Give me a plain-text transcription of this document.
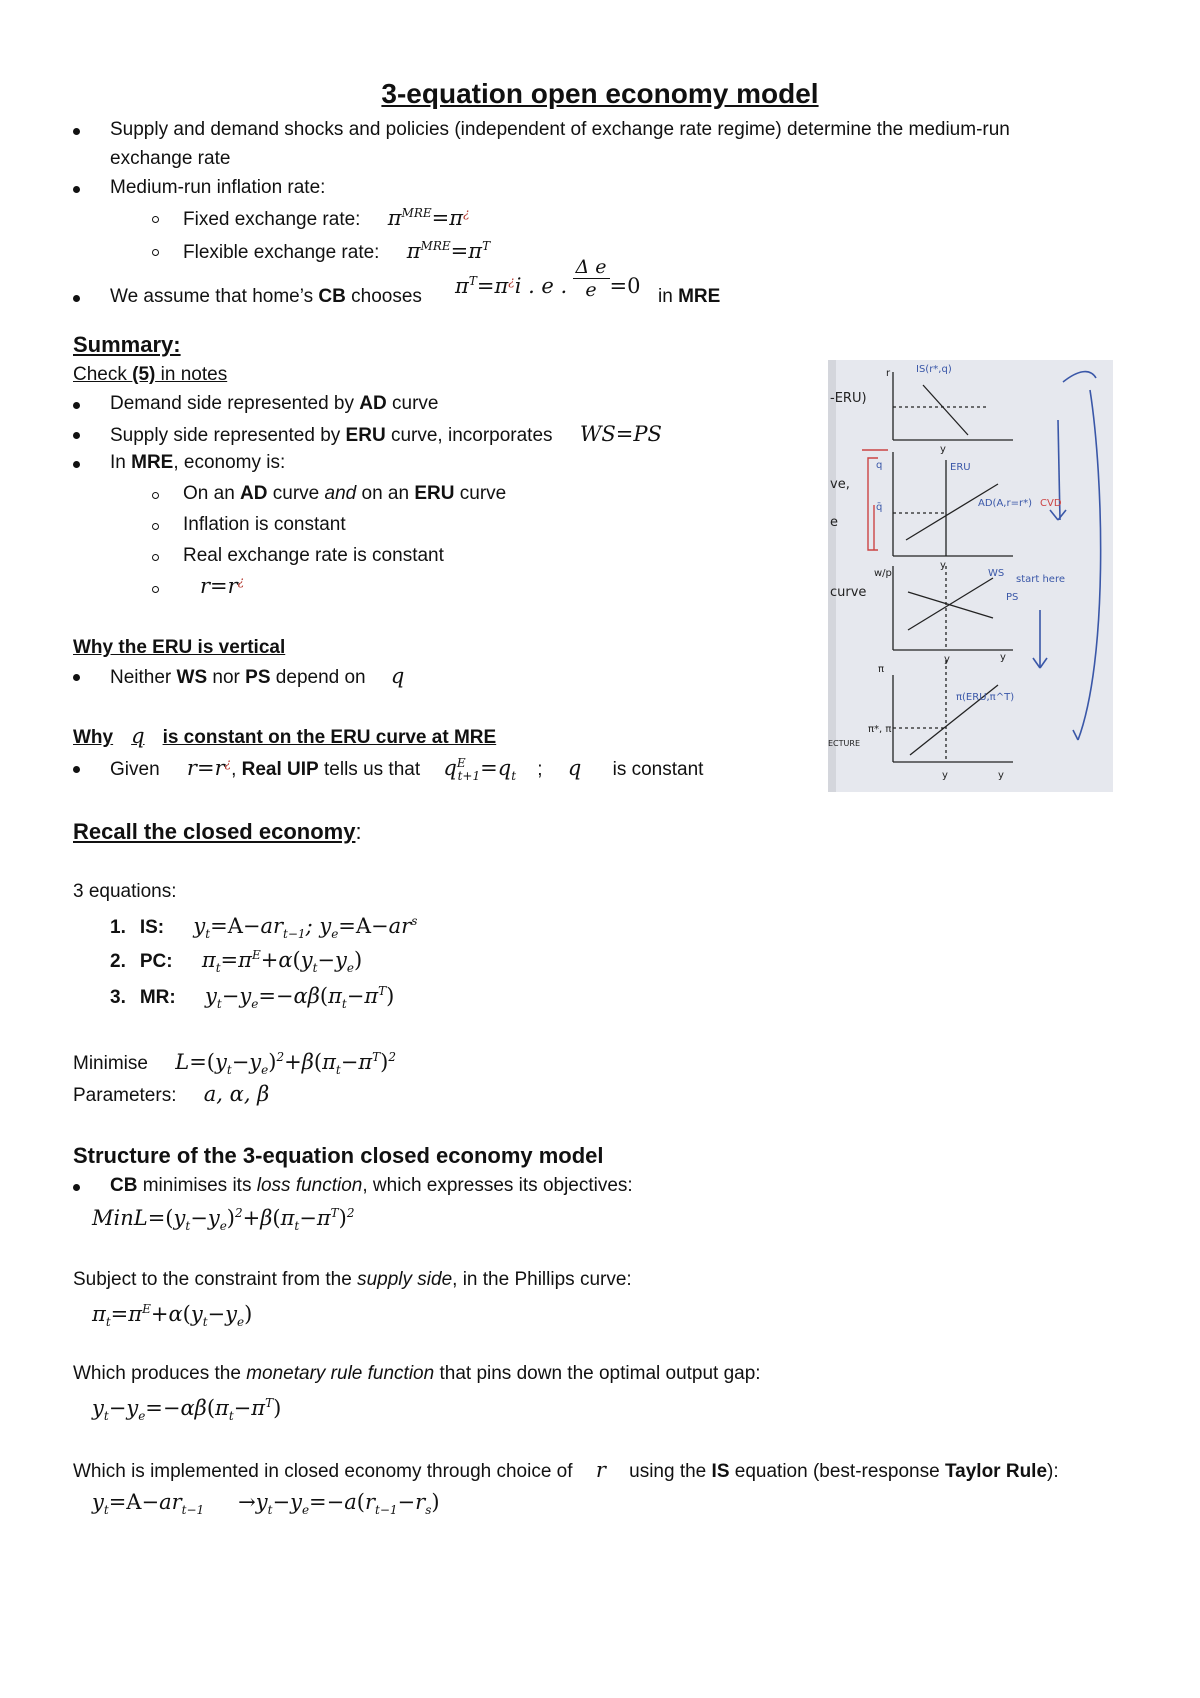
3-equation open economy model
Supply and demand shocks and policies (independent of exchange rate regime) determine the medium-run
exchange rate
Medium-run inflation rate:
Fixed exchange rate: $\pi^{MRE}=\pi^¿$
Flexible exchange rate: $\pi^{MRE}=\pi^T$
We assume that home’s CB chooses $\pi^T=\pi^¿i$ . e . $\frac{\text{Δ e}}{e} =0$ in MRE
Summary:
Check (5) in notes
Demand side represented by AD curve
Supply side represented by ERU curve, incorporates WS=PS
In MRE, economy is:
On an AD curve and on an ERU curve
Inflation is constant
Real exchange rate is constant
r=r¿
Why the ERU is vertical
Neither WS nor PS depend on q
Why q is constant on the ERU curve at MRE
Given r=r¿, Real UIP tells us that $q^E_{t+1}=q_t$ ; q is constant
Recall the closed economy:
3 equations:
1. IS: $y_t=A-ar_{t-1}$; $y_e=A-ar^s$
2. PC: $\pi_t=\pi^E+\alpha(y_t-y_e)$
3. MR: $y_t-y_e=-\alpha\beta(\pi_t-\pi^T)$
Minimise $L=(y_t-y_e)^2+\beta(\pi_t-\pi^T)^2$
Parameters: a, α, β
Structure of the 3-equation closed economy model
CB minimises its loss function, which expresses its objectives:
$MinL=(y_t-y_e)^2+\beta(\pi_t-\pi^T)^2$
Subject to the constraint from the supply side, in the Phillips curve:
$\pi_t=\pi^E+\alpha(y_t-y_e)$
Which produces the monetary rule function that pins down the optimal output gap:
$y_t-y_e=-\alpha\beta(\pi_t-\pi^T)$
Which is implemented in closed economy through choice of r using the IS equation (best-response Taylor Rule):
$y_t=A-ar_{t-1} \to y_t-y_e=-a(r_{t-1}-r_s)$
-ERU)
ve,
e
curve
r	IS(r*,q)
y
ERU
AD(A,r=r*) CVD
q
q̄
y
w/p	WS
PS
start here
y	y
π
π(ERU,π^T)
π*, π
y	y
ECTURE
